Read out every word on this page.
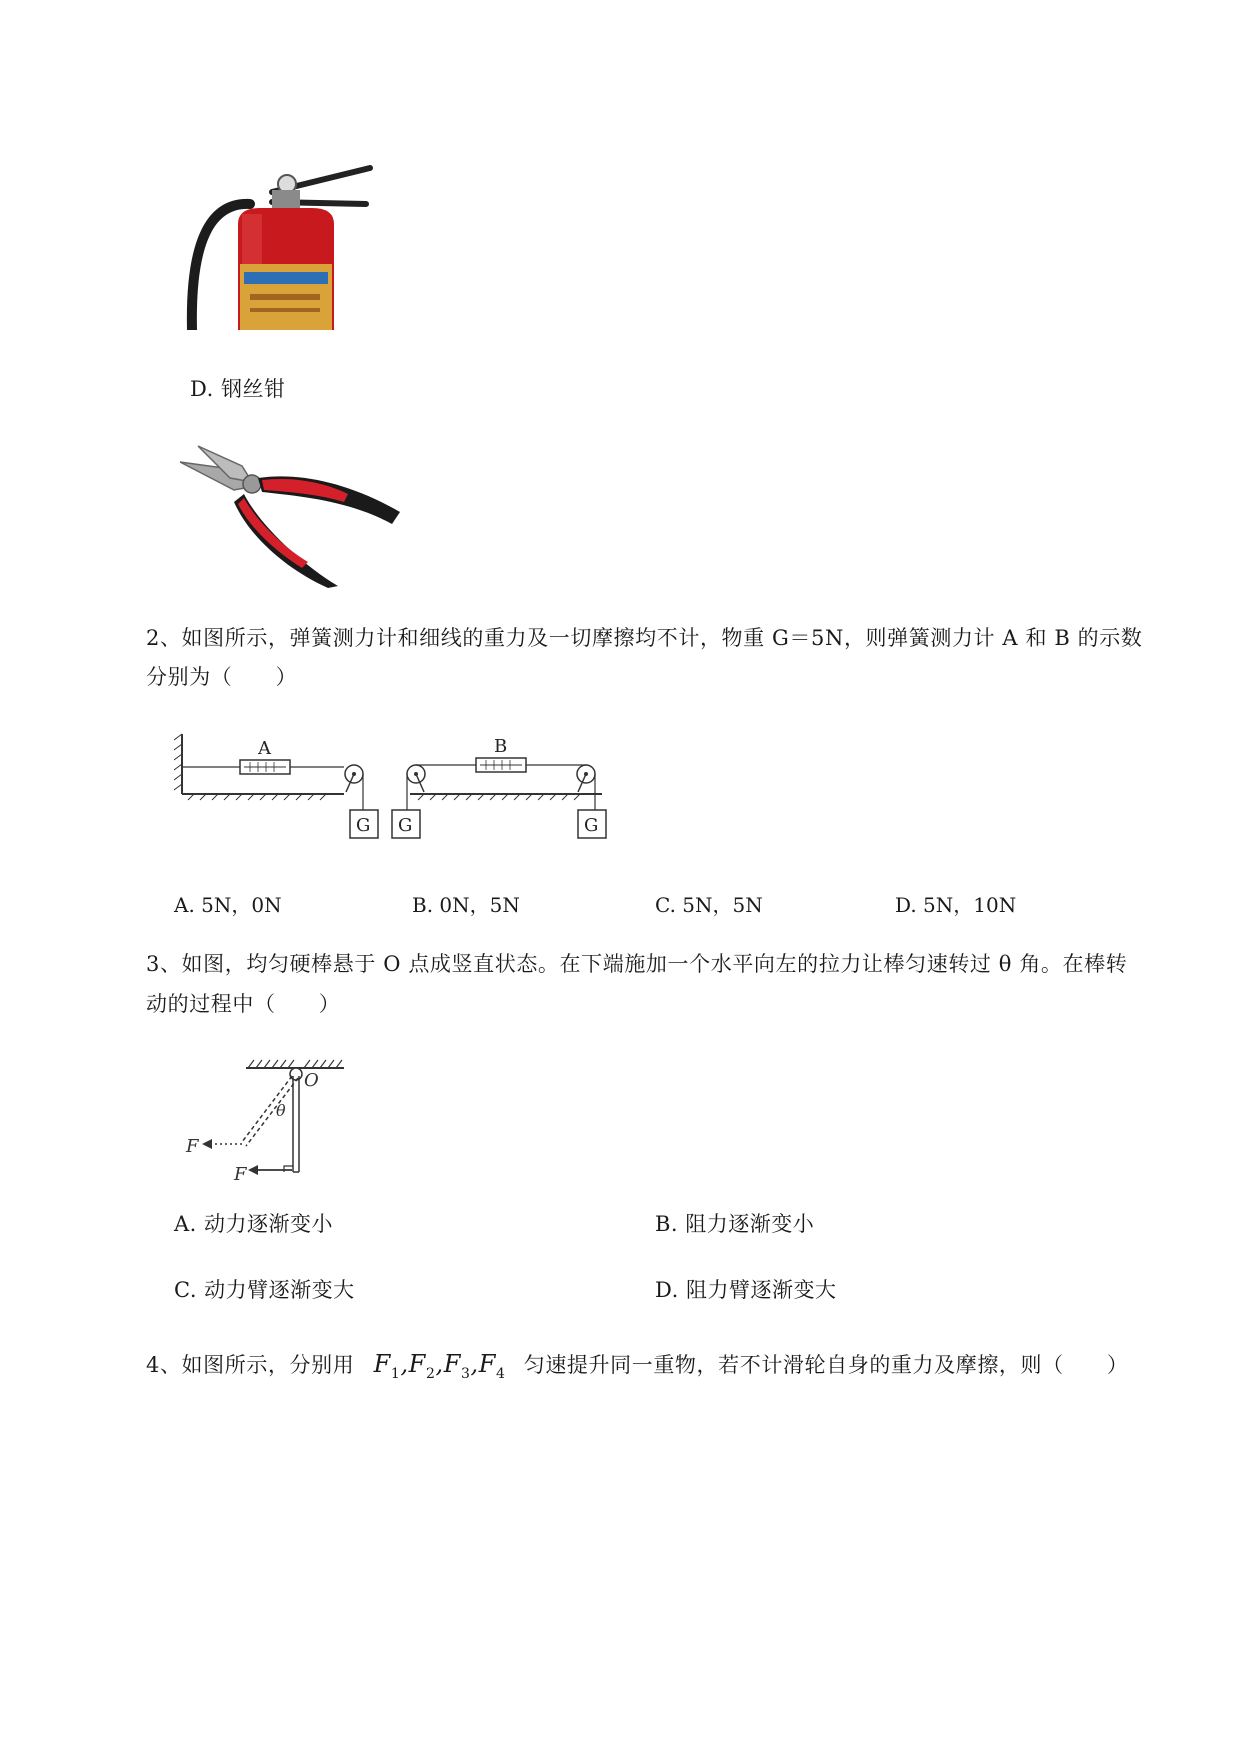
D. 钢丝钳
2、如图所示，弹簧测力计和细线的重力及一切摩擦均不计，物重 G＝5N，则弹簧测力计 A 和 B 的示数
分别为（　　）
A
G
B
G	G
A. 5N，0N	B. 0N，5N	C. 5N，5N	D. 5N，10N
3、如图，均匀硬棒悬于 O 点成竖直状态。在下端施加一个水平向左的拉力让棒匀速转过 θ 角。在棒转
动的过程中（　　）
O
θ
F
F
A. 动力逐渐变小	B. 阻力逐渐变小
C. 动力臂逐渐变大	D. 阻力臂逐渐变大
4、如图所示，分别用 $F_1,F_2,F_3,F_4$ 匀速提升同一重物，若不计滑轮自身的重力及摩擦，则（　　）
